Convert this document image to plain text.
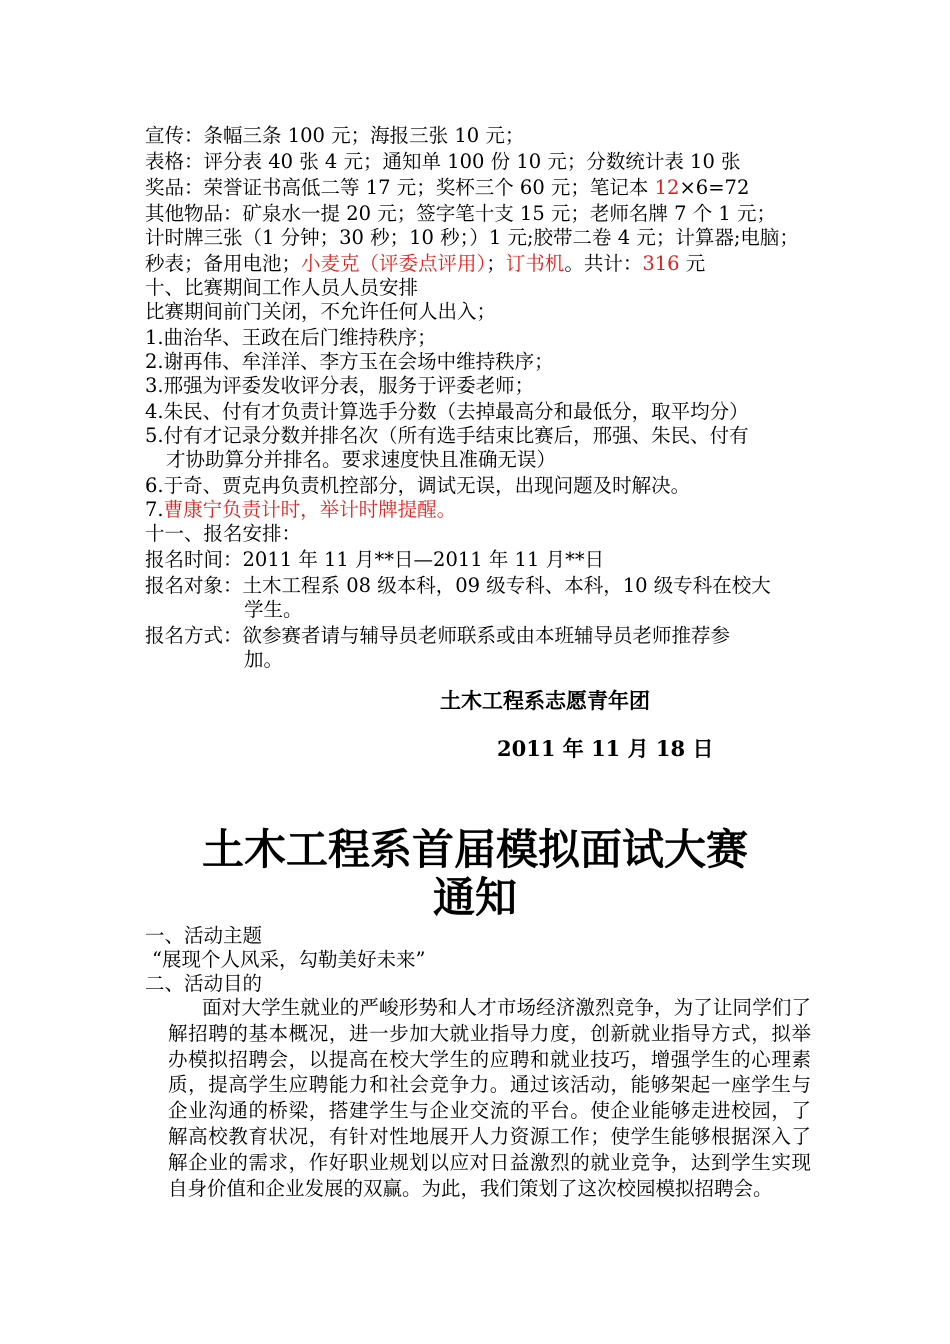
宣传：条幅三条 100 元；海报三张 10 元；
表格：评分表 40 张 4 元；通知单 100 份 10 元；分数统计表 10 张
奖品：荣誉证书高低二等 17 元；奖杯三个 60 元；笔记本 12×6=72
其他物品：矿泉水一提 20 元；签字笔十支 15 元；老师名牌 7 个 1 元；
计时牌三张（1 分钟；30 秒；10 秒；）1 元;胶带二卷 4 元；计算器;电脑；
秒表；备用电池；小麦克（评委点评用）；订书机。共计：316 元
十、比赛期间工作人员人员安排
比赛期间前门关闭，不允许任何人出入；
1.曲治华、王政在后门维持秩序；
2.谢再伟、牟洋洋、李方玉在会场中维持秩序；
3.邢强为评委发收评分表，服务于评委老师；
4.朱民、付有才负责计算选手分数（去掉最高分和最低分，取平均分）
5.付有才记录分数并排名次（所有选手结束比赛后，邢强、朱民、付有
才协助算分并排名。要求速度快且准确无误）
6.于奇、贾克冉负责机控部分，调试无误，出现问题及时解决。
7.曹康宁负责计时，举计时牌提醒。
十一、报名安排：
报名时间：2011 年 11 月**日—2011 年 11 月**日
报名对象：土木工程系 08 级本科，09 级专科、本科，10 级专科在校大
学生。
报名方式：欲参赛者请与辅导员老师联系或由本班辅导员老师推荐参
加。
土木工程系志愿青年团
2011 年 11 月 18 日
土木工程系首届模拟面试大赛
通知
一、活动主题
“展现个人风采，勾勒美好未来”
二、活动目的
面对大学生就业的严峻形势和人才市场经济激烈竞争，为了让同学们了解招聘的基本概况，进一步加大就业指导力度，创新就业指导方式，拟举办模拟招聘会，以提高在校大学生的应聘和就业技巧，增强学生的心理素质，提高学生应聘能力和社会竞争力。通过该活动，能够架起一座学生与企业沟通的桥梁，搭建学生与企业交流的平台。使企业能够走进校园，了解高校教育状况，有针对性地展开人力资源工作；使学生能够根据深入了解企业的需求，作好职业规划以应对日益激烈的就业竞争，达到学生实现自身价值和企业发展的双赢。为此，我们策划了这次校园模拟招聘会。
